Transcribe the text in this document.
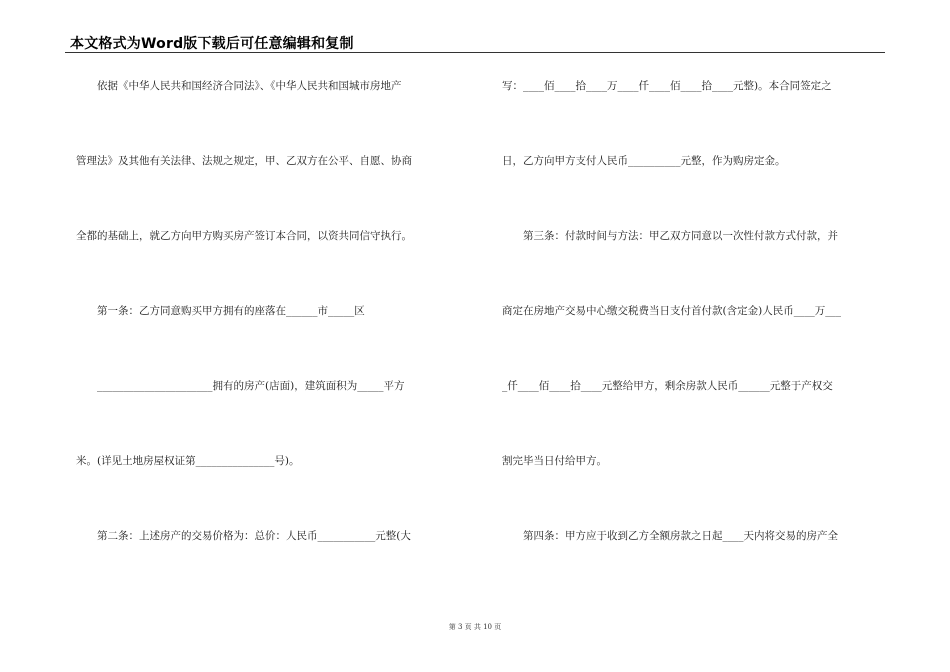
本文格式为Word版下载后可任意编辑和复制
　　依据《中华人民共和国经济合同法》、《中华人民共和国城市房地产
管理法》及其他有关法律、法规之规定，甲、乙双方在公平、自愿、协商
全都的基础上，就乙方向甲方购买房产签订本合同，以资共同信守执行。
　　第一条：乙方同意购买甲方拥有的座落在______市_____区
　　______________________拥有的房产(店面)，建筑面积为_____平方
米。(详见土地房屋权证第_______________号)。
　　第二条：上述房产的交易价格为：总价：人民币___________元整(大
写：____佰____拾____万____仟____佰____拾____元整)。本合同签定之
日，乙方向甲方支付人民币__________元整，作为购房定金。
　　第三条：付款时间与方法：甲乙双方同意以一次性付款方式付款，并
商定在房地产交易中心缴交税费当日支付首付款(含定金)人民币____万___
_仟____佰____拾____元整给甲方，剩余房款人民币______元整于产权交
割完毕当日付给甲方。
　　第四条：甲方应于收到乙方全额房款之日起____天内将交易的房产全
第 3 页 共 10 页
